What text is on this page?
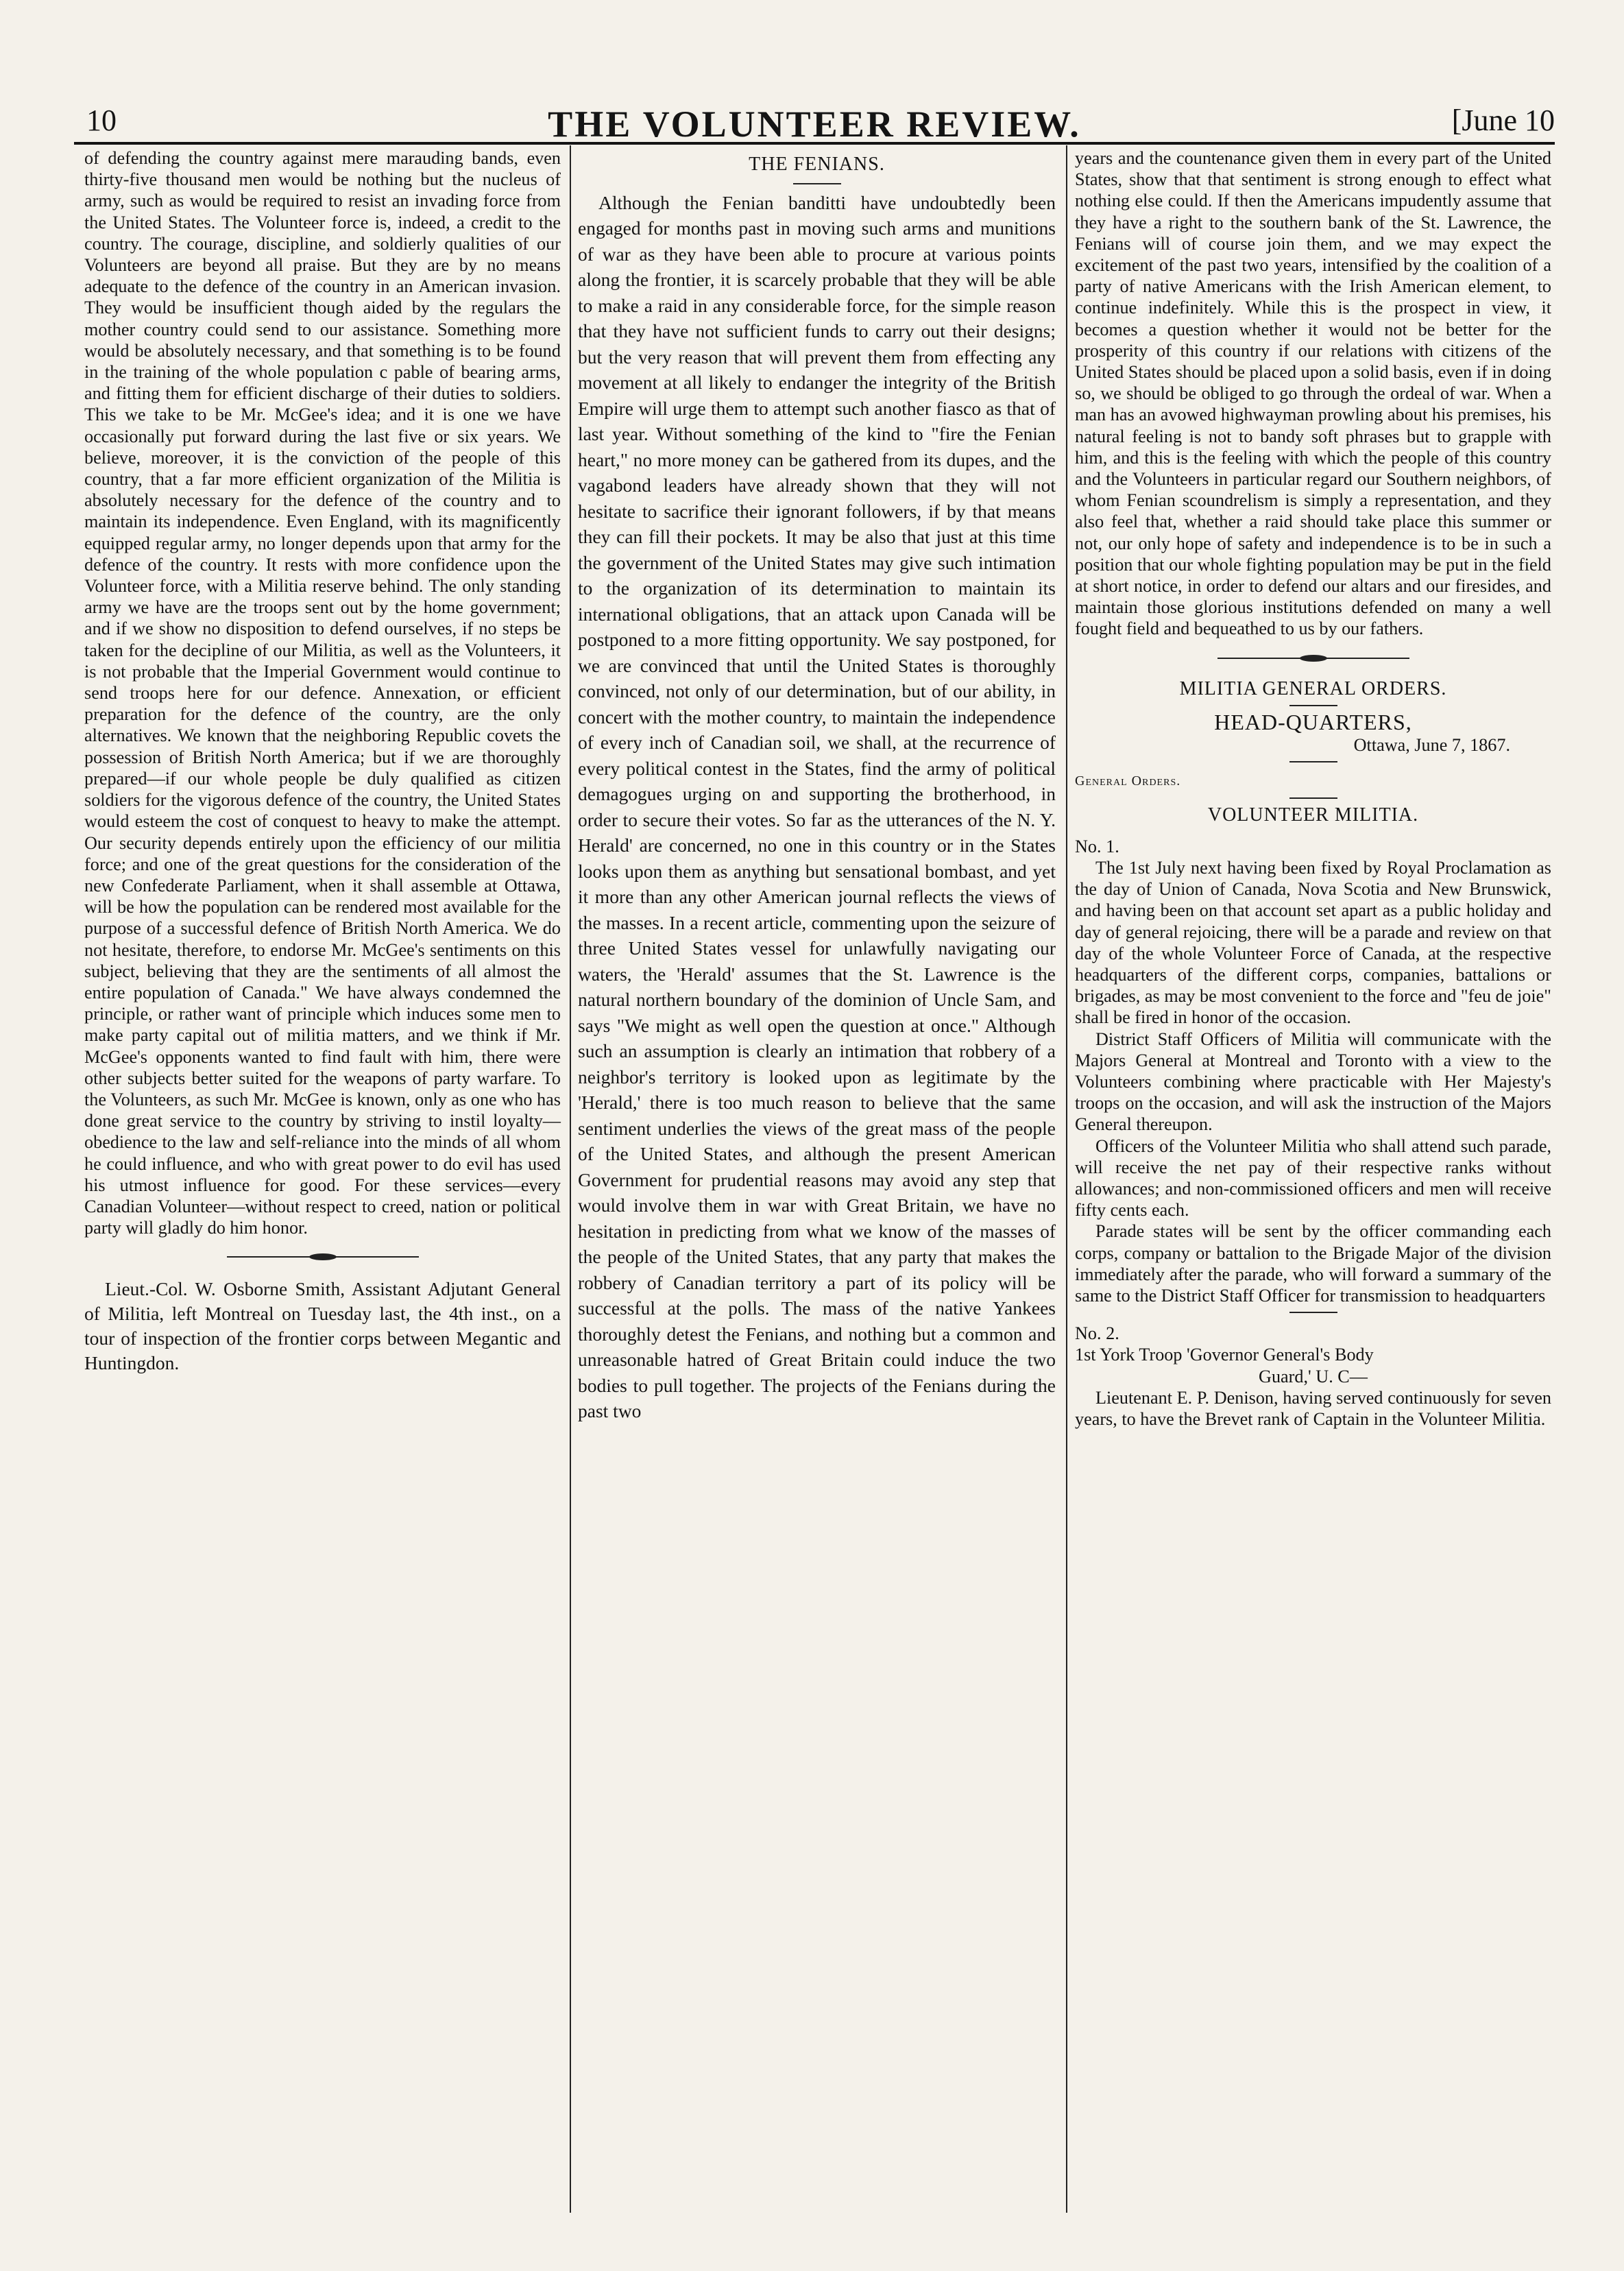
10	THE VOLUNTEER REVIEW.	[June 10

of defending the country against mere marauding bands, even thirty-five thousand men would be nothing but the nucleus of army, such as would be required to resist an invading force from the United States. The Volunteer force is, indeed, a credit to the country. The courage, discipline, and soldierly qualities of our Volunteers are beyond all praise. But they are by no means adequate to the defence of the country in an American invasion. They would be insufficient though aided by the regulars the mother country could send to our assistance. Something more would be absolutely necessary, and that something is to be found in the training of the whole population c pable of bearing arms, and fitting them for efficient discharge of their duties to soldiers. This we take to be Mr. McGee's idea; and it is one we have occasionally put forward during the last five or six years. We believe, moreover, it is the conviction of the people of this country, that a far more efficient organization of the Militia is absolutely necessary for the defence of the country and to maintain its independence. Even England, with its magnificently equipped regular army, no longer depends upon that army for the defence of the country. It rests with more confidence upon the Volunteer force, with a Militia reserve behind. The only standing army we have are the troops sent out by the home government; and if we show no disposition to defend ourselves, if no steps be taken for the decipline of our Militia, as well as the Volunteers, it is not probable that the Imperial Government would continue to send troops here for our defence. Annexation, or efficient preparation for the defence of the country, are the only alternatives. We known that the neighboring Republic covets the possession of British North America; but if we are thoroughly prepared—if our whole people be duly qualified as citizen soldiers for the vigorous defence of the country, the United States would esteem the cost of conquest to heavy to make the attempt. Our security depends entirely upon the efficiency of our militia force; and one of the great questions for the consideration of the new Confederate Parliament, when it shall assemble at Ottawa, will be how the population can be rendered most available for the purpose of a successful defence of British North America. We do not hesitate, therefore, to endorse Mr. McGee's sentiments on this subject, believing that they are the sentiments of all almost the entire population of Canada." We have always condemned the principle, or rather want of principle which induces some men to make party capital out of militia matters, and we think if Mr. McGee's opponents wanted to find fault with him, there were other subjects better suited for the weapons of party warfare. To the Volunteers, as such Mr. McGee is known, only as one who has done great service to the country by striving to instil loyalty—obedience to the law and self-reliance into the minds of all whom he could influence, and who with great power to do evil has used his utmost influence for good. For these services—every Canadian Volunteer—without respect to creed, nation or political party will gladly do him honor.

Lieut.-Col. W. Osborne Smith, Assistant Adjutant General of Militia, left Montreal on Tuesday last, the 4th inst., on a tour of inspection of the frontier corps between Megantic and Huntingdon.

THE FENIANS.

Although the Fenian banditti have undoubtedly been engaged for months past in moving such arms and munitions of war as they have been able to procure at various points along the frontier, it is scarcely probable that they will be able to make a raid in any considerable force, for the simple reason that they have not sufficient funds to carry out their designs; but the very reason that will prevent them from effecting any movement at all likely to endanger the integrity of the British Empire will urge them to attempt such another fiasco as that of last year. Without something of the kind to "fire the Fenian heart," no more money can be gathered from its dupes, and the vagabond leaders have already shown that they will not hesitate to sacrifice their ignorant followers, if by that means they can fill their pockets. It may be also that just at this time the government of the United States may give such intimation to the organization of its determination to maintain its international obligations, that an attack upon Canada will be postponed to a more fitting opportunity. We say postponed, for we are convinced that until the United States is thoroughly convinced, not only of our determination, but of our ability, in concert with the mother country, to maintain the independence of every inch of Canadian soil, we shall, at the recurrence of every political contest in the States, find the army of political demagogues urging on and supporting the brotherhood, in order to secure their votes. So far as the utterances of the N. Y. Herald' are concerned, no one in this country or in the States looks upon them as anything but sensational bombast, and yet it more than any other American journal reflects the views of the masses. In a recent article, commenting upon the seizure of three United States vessel for unlawfully navigating our waters, the 'Herald' assumes that the St. Lawrence is the natural northern boundary of the dominion of Uncle Sam, and says "We might as well open the question at once." Although such an assumption is clearly an intimation that robbery of a neighbor's territory is looked upon as legitimate by the 'Herald,' there is too much reason to believe that the same sentiment underlies the views of the great mass of the people of the United States, and although the present American Government for prudential reasons may avoid any step that would involve them in war with Great Britain, we have no hesitation in predicting from what we know of the masses of the people of the United States, that any party that makes the robbery of Canadian territory a part of its policy will be successful at the polls. The mass of the native Yankees thoroughly detest the Fenians, and nothing but a common and unreasonable hatred of Great Britain could induce the two bodies to pull together. The projects of the Fenians during the past two

years and the countenance given them in every part of the United States, show that that sentiment is strong enough to effect what nothing else could. If then the Americans impudently assume that they have a right to the southern bank of the St. Lawrence, the Fenians will of course join them, and we may expect the excitement of the past two years, intensified by the coalition of a party of native Americans with the Irish American element, to continue indefinitely. While this is the prospect in view, it becomes a question whether it would not be better for the prosperity of this country if our relations with citizens of the United States should be placed upon a solid basis, even if in doing so, we should be obliged to go through the ordeal of war. When a man has an avowed highwayman prowling about his premises, his natural feeling is not to bandy soft phrases but to grapple with him, and this is the feeling with which the people of this country and the Volunteers in particular regard our Southern neighbors, of whom Fenian scoundrelism is simply a representation, and they also feel that, whether a raid should take place this summer or not, our only hope of safety and independence is to be in such a position that our whole fighting population may be put in the field at short notice, in order to defend our altars and our firesides, and maintain those glorious institutions defended on many a well fought field and bequeathed to us by our fathers.

MILITIA GENERAL ORDERS.
HEAD-QUARTERS,
Ottawa, June 7, 1867.
General Orders.
VOLUNTEER MILITIA.
No. 1.

The 1st July next having been fixed by Royal Proclamation as the day of Union of Canada, Nova Scotia and New Brunswick, and having been on that account set apart as a public holiday and day of general rejoicing, there will be a parade and review on that day of the whole Volunteer Force of Canada, at the respective headquarters of the different corps, companies, battalions or brigades, as may be most convenient to the force and "feu de joie" shall be fired in honor of the occasion.

District Staff Officers of Militia will communicate with the Majors General at Montreal and Toronto with a view to the Volunteers combining where practicable with Her Majesty's troops on the occasion, and will ask the instruction of the Majors General thereupon.

Officers of the Volunteer Militia who shall attend such parade, will receive the net pay of their respective ranks without allowances; and non-commissioned officers and men will receive fifty cents each.

Parade states will be sent by the officer commanding each corps, company or battalion to the Brigade Major of the division immediately after the parade, who will forward a summary of the same to the District Staff Officer for transmission to headquarters

No. 2.
1st York Troop 'Governor General's Body
Guard,' U. C—

Lieutenant E. P. Denison, having served continuously for seven years, to have the Brevet rank of Captain in the Volunteer Militia.
